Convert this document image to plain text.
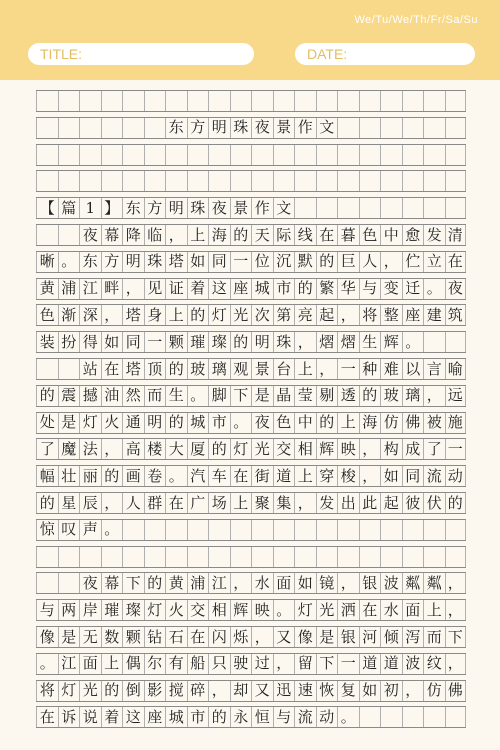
We/Tu/We/Th/Fr/Sa/Su
TITLE:	DATE:
东 方 明 珠 夜 景 作 文
【 篇 1 】 东 方 明 珠 夜 景 作 文
夜 幕 降 临 ， 上 海 的 天 际 线 在 暮 色 中 愈 发 清
晰 。 东 方 明 珠 塔 如 同 一 位 沉 默 的 巨 人 ， 伫 立 在
黄 浦 江 畔 ， 见 证 着 这 座 城 市 的 繁 华 与 变 迁 。 夜
色 渐 深 ， 塔 身 上 的 灯 光 次 第 亮 起 ， 将 整 座 建 筑
装 扮 得 如 同 一 颗 璀 璨 的 明 珠 ， 熠 熠 生 辉 。
站 在 塔 顶 的 玻 璃 观 景 台 上 ， 一 种 难 以 言 喻
的 震 撼 油 然 而 生 。 脚 下 是 晶 莹 剔 透 的 玻 璃 ， 远
处 是 灯 火 通 明 的 城 市 。 夜 色 中 的 上 海 仿 佛 被 施
了 魔 法 ， 高 楼 大 厦 的 灯 光 交 相 辉 映 ， 构 成 了 一
幅 壮 丽 的 画 卷 。 汽 车 在 街 道 上 穿 梭 ， 如 同 流 动
的 星 辰 ， 人 群 在 广 场 上 聚 集 ， 发 出 此 起 彼 伏 的
惊 叹 声 。
夜 幕 下 的 黄 浦 江 ， 水 面 如 镜 ， 银 波 粼 粼 ，
与 两 岸 璀 璨 灯 火 交 相 辉 映 。 灯 光 洒 在 水 面 上 ，
像 是 无 数 颗 钻 石 在 闪 烁 ， 又 像 是 银 河 倾 泻 而 下
。 江 面 上 偶 尔 有 船 只 驶 过 ， 留 下 一 道 道 波 纹 ，
将 灯 光 的 倒 影 搅 碎 ， 却 又 迅 速 恢 复 如 初 ， 仿 佛
在 诉 说 着 这 座 城 市 的 永 恒 与 流 动 。
